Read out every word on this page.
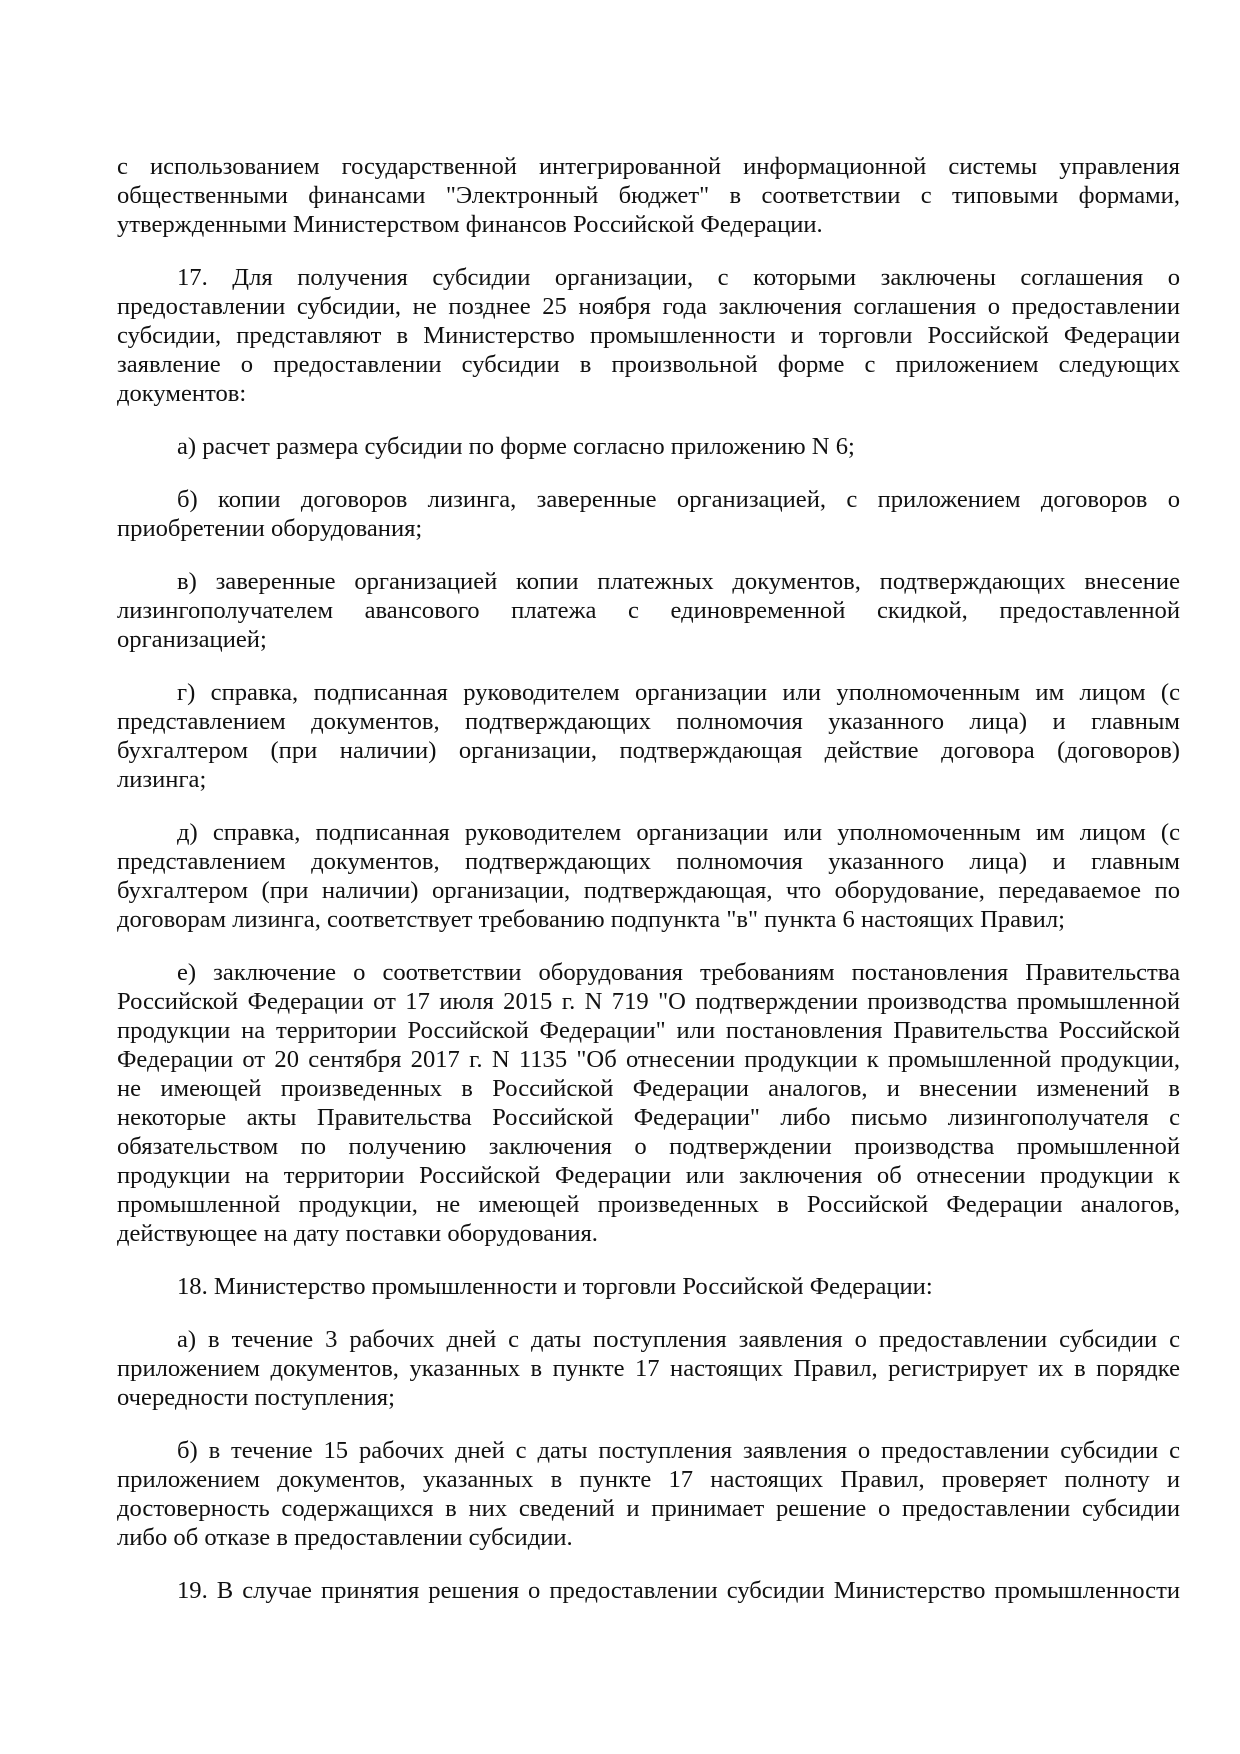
с использованием государственной интегрированной информационной системы управления
общественными финансами "Электронный бюджет" в соответствии с типовыми формами,
утвержденными Министерством финансов Российской Федерации.
17. Для получения субсидии организации, с которыми заключены соглашения о
предоставлении субсидии, не позднее 25 ноября года заключения соглашения о предоставлении
субсидии, представляют в Министерство промышленности и торговли Российской Федерации
заявление о предоставлении субсидии в произвольной форме с приложением следующих
документов:
а) расчет размера субсидии по форме согласно приложению N 6;
б) копии договоров лизинга, заверенные организацией, с приложением договоров о
приобретении оборудования;
в) заверенные организацией копии платежных документов, подтверждающих внесение
лизингополучателем авансового платежа с единовременной скидкой, предоставленной
организацией;
г) справка, подписанная руководителем организации или уполномоченным им лицом (с
представлением документов, подтверждающих полномочия указанного лица) и главным
бухгалтером (при наличии) организации, подтверждающая действие договора (договоров)
лизинга;
д) справка, подписанная руководителем организации или уполномоченным им лицом (с
представлением документов, подтверждающих полномочия указанного лица) и главным
бухгалтером (при наличии) организации, подтверждающая, что оборудование, передаваемое по
договорам лизинга, соответствует требованию подпункта "в" пункта 6 настоящих Правил;
е) заключение о соответствии оборудования требованиям постановления Правительства
Российской Федерации от 17 июля 2015 г. N 719 "О подтверждении производства промышленной
продукции на территории Российской Федерации" или постановления Правительства Российской
Федерации от 20 сентября 2017 г. N 1135 "Об отнесении продукции к промышленной продукции,
не имеющей произведенных в Российской Федерации аналогов, и внесении изменений в
некоторые акты Правительства Российской Федерации" либо письмо лизингополучателя с
обязательством по получению заключения о подтверждении производства промышленной
продукции на территории Российской Федерации или заключения об отнесении продукции к
промышленной продукции, не имеющей произведенных в Российской Федерации аналогов,
действующее на дату поставки оборудования.
18. Министерство промышленности и торговли Российской Федерации:
а) в течение 3 рабочих дней с даты поступления заявления о предоставлении субсидии с
приложением документов, указанных в пункте 17 настоящих Правил, регистрирует их в порядке
очередности поступления;
б) в течение 15 рабочих дней с даты поступления заявления о предоставлении субсидии с
приложением документов, указанных в пункте 17 настоящих Правил, проверяет полноту и
достоверность содержащихся в них сведений и принимает решение о предоставлении субсидии
либо об отказе в предоставлении субсидии.
19. В случае принятия решения о предоставлении субсидии Министерство промышленности
